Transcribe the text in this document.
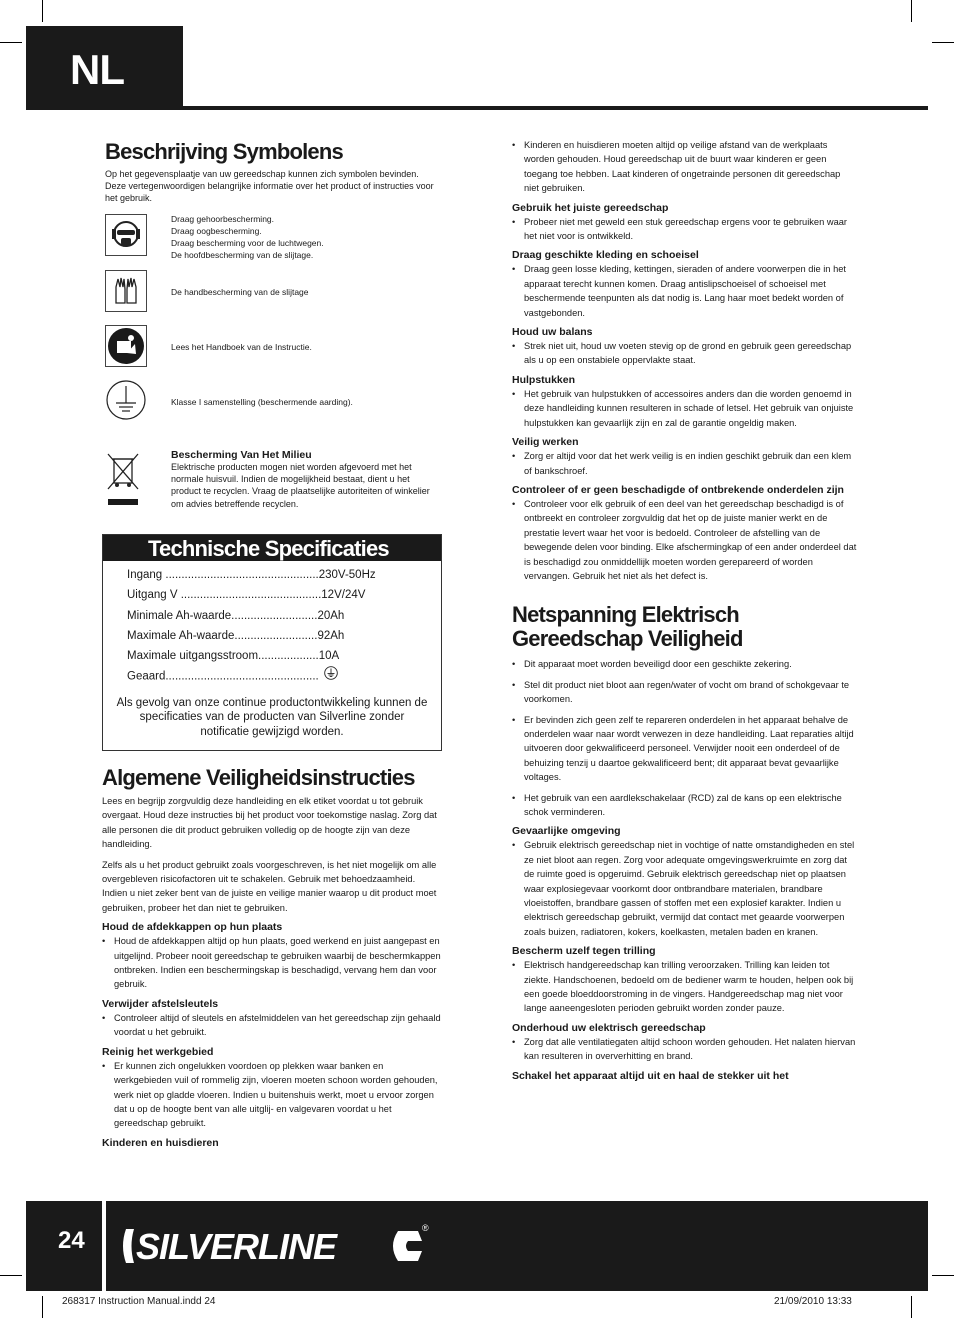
NL
Beschrijving Symbolens

Op het gegevensplaatje van uw gereedschap kunnen zich symbolen bevinden. Deze vertegenwoordigen belangrijke informatie over het product of instructies voor het gebruik.

Draag gehoorbescherming.
Draag oogbescherming.
Draag bescherming voor de luchtwegen.
De hoofdbescherming van de slijtage.
De handbescherming van de slijtage
Lees het Handboek van de Instructie.
Klasse I samenstelling (beschermende aarding).
Bescherming Van Het Milieu
Elektrische producten mogen niet worden afgevoerd met het normale huisvuil. Indien de mogelijkheid bestaat, dient u het product te recyclen. Vraag de plaatselijke autoriteiten of winkelier om advies betreffende recyclen.
Technische Specificaties
Ingang ................................................230V-50Hz
Uitgang V ............................................12V/24V
Minimale Ah-waarde...........................20Ah
Maximale Ah-waarde..........................92Ah
Maximale uitgangsstroom...................10A
Geaard................................................
Als gevolg van onze continue productontwikkeling kunnen de specificaties van de producten van Silverline zonder notificatie gewijzigd worden.
Algemene Veiligheidsinstructies

Lees en begrijp zorgvuldig deze handleiding en elk etiket voordat u tot gebruik overgaat. Houd deze instructies bij het product voor toekomstige naslag. Zorg dat alle personen die dit product gebruiken volledig op de hoogte zijn van deze handleiding.

Zelfs als u het product gebruikt zoals voorgeschreven, is het niet mogelijk om alle overgebleven risicofactoren uit te schakelen. Gebruik met behoedzaamheid. Indien u niet zeker bent van de juiste en veilige manier waarop u dit product moet gebruiken, probeer het dan niet te gebruiken.

Houd de afdekkappen op hun plaats
• Houd de afdekkappen altijd op hun plaats, goed werkend en juist aangepast en uitgelijnd. Probeer nooit gereedschap te gebruiken waarbij de beschermkappen ontbreken. Indien een beschermingskap is beschadigd, vervang hem dan voor gebruik.
Verwijder afstelsleutels
• Controleer altijd of sleutels en afstelmiddelen van het gereedschap zijn gehaald voordat u het gebruikt.
Reinig het werkgebied
• Er kunnen zich ongelukken voordoen op plekken waar banken en werkgebieden vuil of rommelig zijn, vloeren moeten schoon worden gehouden, werk niet op gladde vloeren. Indien u buitenshuis werkt, moet u ervoor zorgen dat u op de hoogte bent van alle uitglij- en valgevaren voordat u het gereedschap gebruikt.
Kinderen en huisdieren
• Kinderen en huisdieren moeten altijd op veilige afstand van de werkplaats worden gehouden. Houd gereedschap uit de buurt waar kinderen er geen toegang toe hebben. Laat kinderen of ongetrainde personen dit gereedschap niet gebruiken.
Gebruik het juiste gereedschap
• Probeer niet met geweld een stuk gereedschap ergens voor te gebruiken waar het niet voor is ontwikkeld.
Draag geschikte kleding en schoeisel
• Draag geen losse kleding, kettingen, sieraden of andere voorwerpen die in het apparaat terecht kunnen komen. Draag antislipschoeisel of schoeisel met beschermende teenpunten als dat nodig is. Lang haar moet bedekt worden of vastgebonden.
Houd uw balans
• Strek niet uit, houd uw voeten stevig op de grond en gebruik geen gereedschap als u op een onstabiele oppervlakte staat.
Hulpstukken
• Het gebruik van hulpstukken of accessoires anders dan die worden genoemd in deze handleiding kunnen resulteren in schade of letsel. Het gebruik van onjuiste hulpstukken kan gevaarlijk zijn en zal de garantie ongeldig maken.
Veilig werken
• Zorg er altijd voor dat het werk veilig is en indien geschikt gebruik dan een klem of bankschroef.
Controleer of er geen beschadigde of ontbrekende onderdelen zijn
• Controleer voor elk gebruik of een deel van het gereedschap beschadigd is of ontbreekt en controleer zorgvuldig dat het op de juiste manier werkt en de prestatie levert waar het voor is bedoeld. Controleer de afstelling van de bewegende delen voor binding. Elke afschermingkap of een ander onderdeel dat is beschadigd zou onmiddellijk moeten worden gerepareerd of worden vervangen. Gebruik het niet als het defect is.
Netspanning Elektrisch
Gereedschap Veiligheid
• Dit apparaat moet worden beveiligd door een geschikte zekering.
• Stel dit product niet bloot aan regen/water of vocht om brand of schokgevaar te voorkomen.
• Er bevinden zich geen zelf te repareren onderdelen in het apparaat behalve de onderdelen waar naar wordt verwezen in deze handleiding. Laat reparaties altijd uitvoeren door gekwalificeerd personeel. Verwijder nooit een onderdeel of de behuizing tenzij u daartoe gekwalificeerd bent; dit apparaat bevat gevaarlijke voltages.
• Het gebruik van een aardlekschakelaar (RCD) zal de kans op een elektrische schok verminderen.
Gevaarlijke omgeving
• Gebruik elektrisch gereedschap niet in vochtige of natte omstandigheden en stel ze niet bloot aan regen. Zorg voor adequate omgevingswerkruimte en zorg dat de ruimte goed is opgeruimd. Gebruik elektrisch gereedschap niet op plaatsen waar explosiegevaar voorkomt door ontbrandbare materialen, brandbare vloeistoffen, brandbare gassen of stoffen met een explosief karakter. Indien u elektrisch gereedschap gebruikt, vermijd dat contact met geaarde voorwerpen zoals buizen, radiatoren, kokers, koelkasten, metalen baden en kranen.
Bescherm uzelf tegen trilling
• Elektrisch handgereedschap kan trilling veroorzaken. Trilling kan leiden tot ziekte. Handschoenen, bedoeld om de bediener warm te houden, helpen ook bij een goede bloeddoorstroming in de vingers. Handgereedschap mag niet voor lange aaneengesloten perioden gebruikt worden zonder pauze.
Onderhoud uw elektrisch gereedschap
• Zorg dat alle ventilatiegaten altijd schoon worden gehouden. Het nalaten hiervan kan resulteren in oververhitting en brand.
Schakel het apparaat altijd uit en haal de stekker uit het
24 SILVERLINE	®
268317 Instruction Manual.indd 24	21/09/2010 13:33
